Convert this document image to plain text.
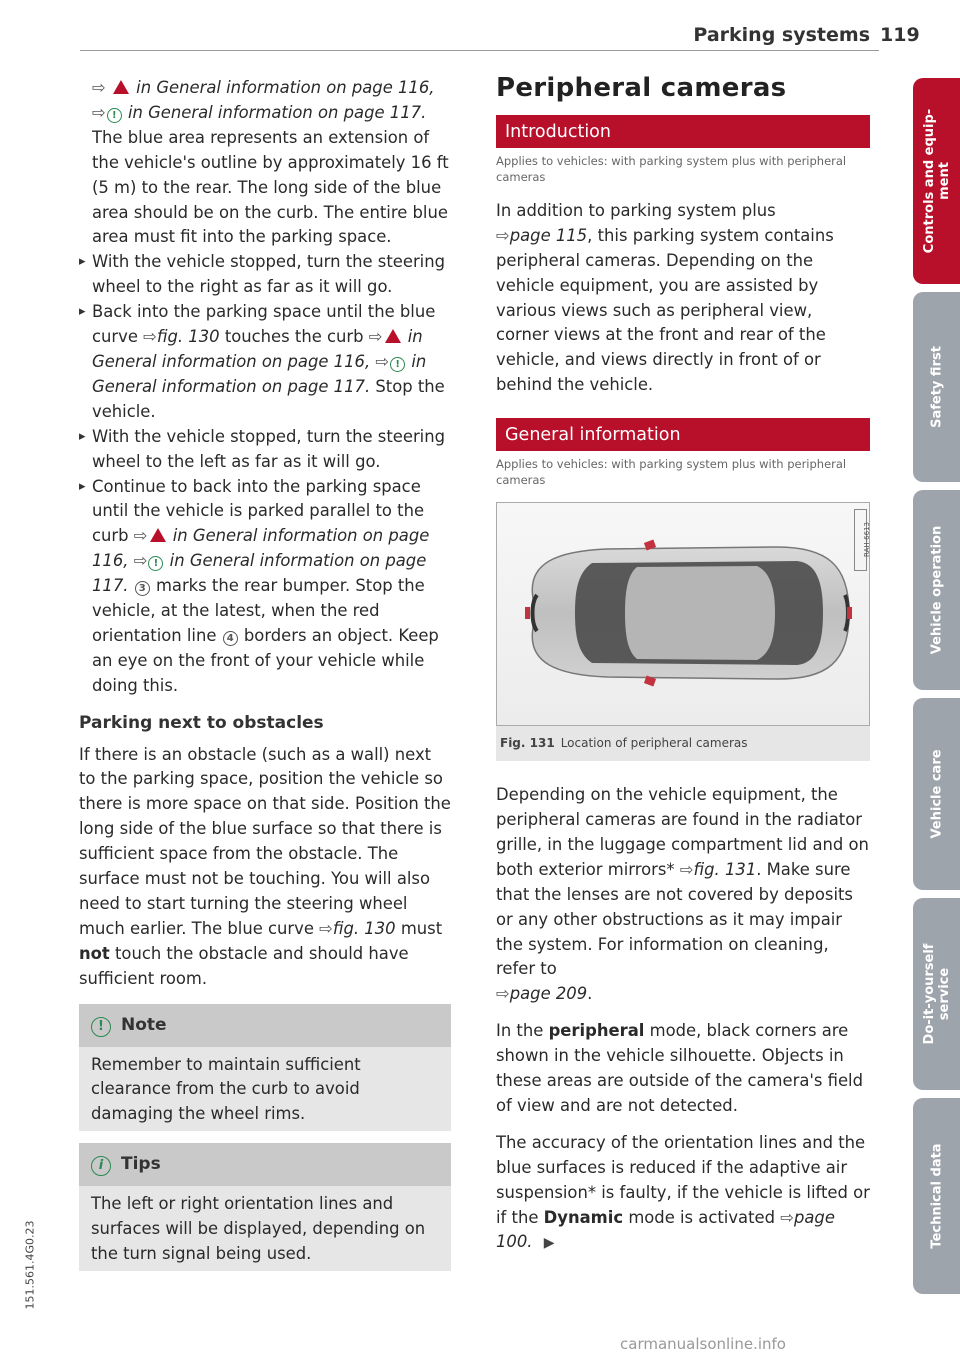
Parking systems 119

⇨ in General information on page 116,

⇨ ! in General information on page 117.

The blue area represents an extension of the vehicle's outline by approximately 16 ft (5 m) to the rear. The long side of the blue area should be on the curb. The entire blue area must fit into the parking space.

▸ With the vehicle stopped, turn the steering wheel to the right as far as it will go.

▸ Back into the parking space until the blue curve ⇨fig. 130 touches the curb ⇨ in General information on page 116, ⇨ ! in General information on page 117. Stop the vehicle.

▸ With the vehicle stopped, turn the steering wheel to the left as far as it will go.

▸ Continue to back into the parking space until the vehicle is parked parallel to the curb ⇨ in General information on page 116, ⇨ ! in General information on page 117. 3 marks the rear bumper. Stop the vehicle, at the latest, when the red orientation line 4 borders an object. Keep an eye on the front of your vehicle while doing this.

Parking next to obstacles

If there is an obstacle (such as a wall) next to the parking space, position the vehicle so there is more space on that side. Position the long side of the blue surface so that there is sufficient space from the obstacle. The surface must not be touching. You will also need to start turning the steering wheel much earlier. The blue curve ⇨fig. 130 must not touch the obstacle and should have sufficient room.

! Note

Remember to maintain sufficient clearance from the curb to avoid damaging the wheel rims.

i Tips

The left or right orientation lines and surfaces will be displayed, depending on the turn signal being used.

Peripheral cameras
Introduction

Applies to vehicles: with parking system plus with peripheral cameras

In addition to parking system plus
⇨page 115, this parking system contains peripheral cameras. Depending on the vehicle equipment, you are assisted by various views such as peripheral view, corner views at the front and rear of the vehicle, and views directly in front of or behind the vehicle.

General information

Applies to vehicles: with parking system plus with peripheral cameras

RAH-6613
Fig. 131 Location of peripheral cameras

Depending on the vehicle equipment, the peripheral cameras are found in the radiator grille, in the luggage compartment lid and on both exterior mirrors* ⇨fig. 131. Make sure that the lenses are not covered by deposits or any other obstructions as it may impair the system. For information on cleaning, refer to
⇨page 209.

In the peripheral mode, black corners are shown in the vehicle silhouette. Objects in these areas are outside of the camera's field of view and are not detected.

The accuracy of the orientation lines and the blue surfaces is reduced if the adaptive air suspension* is faulty, if the vehicle is lifted or if the Dynamic mode is activated ⇨page 100. ▶

Controls and equip-
ment
Safety first
Vehicle operation
Vehicle care
Do-it-yourself
service
Technical data
151.561.4G0.23
carmanualsonline.info
